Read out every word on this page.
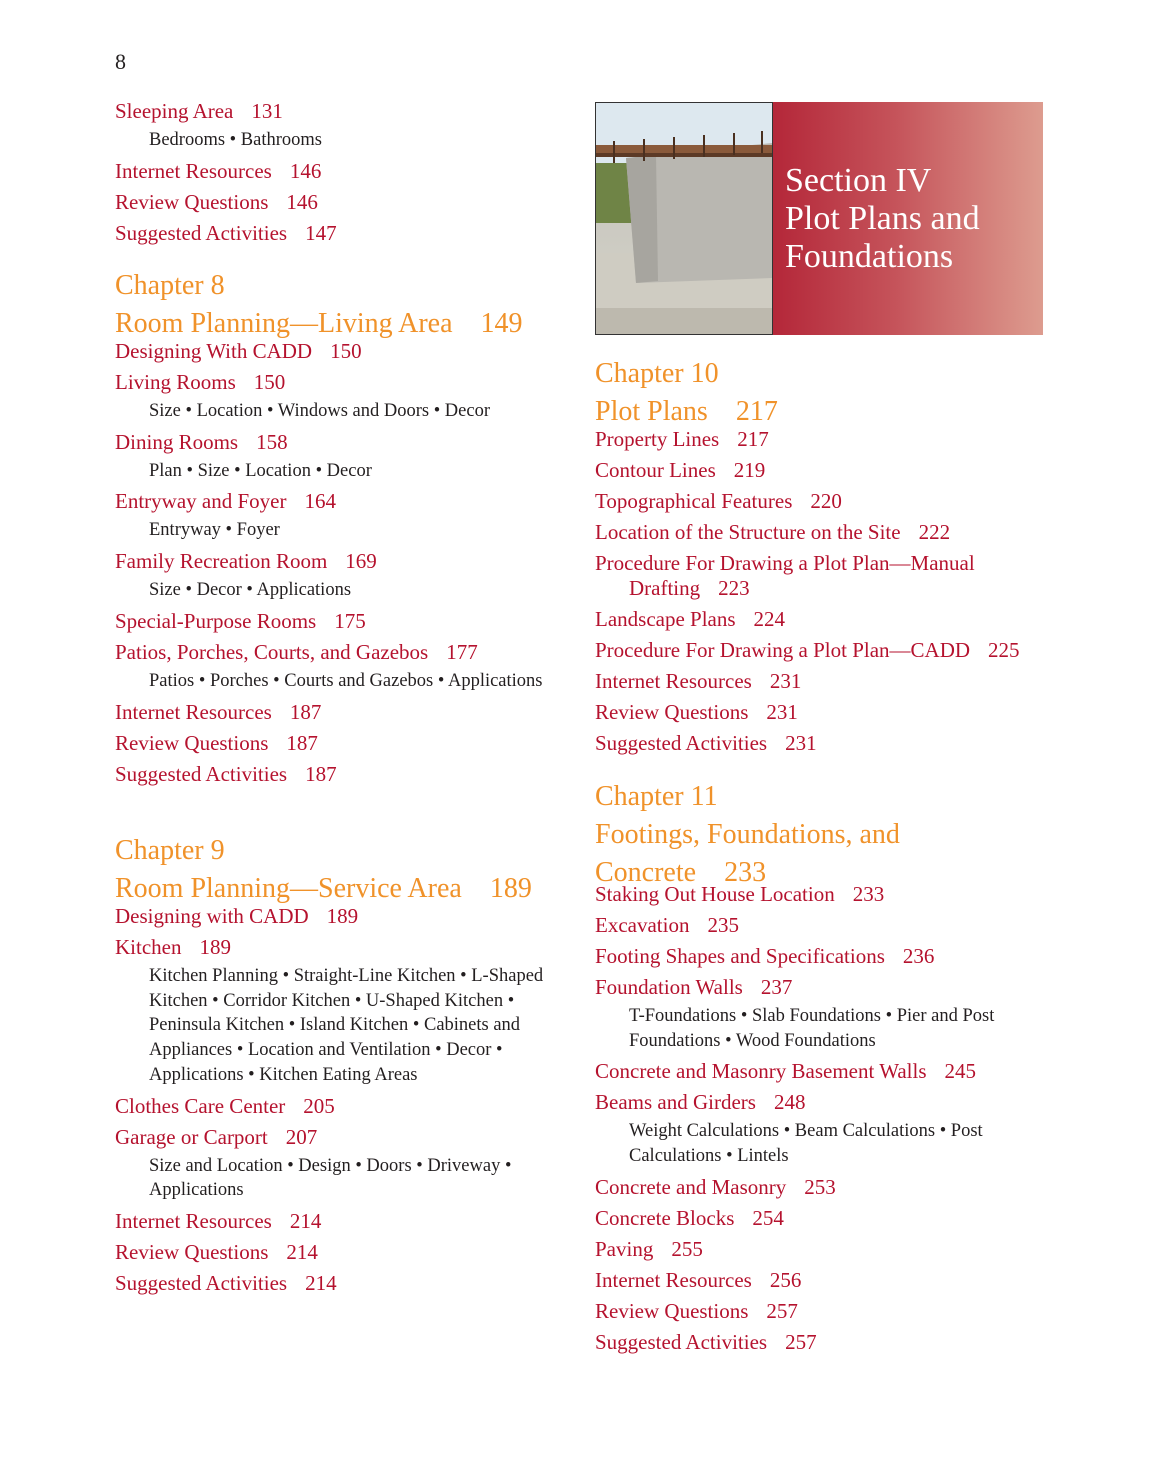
8
Sleeping Area 131
Bedrooms • Bathrooms
Internet Resources 146
Review Questions 146
Suggested Activities 147
Chapter 8
Room Planning—Living Area 149
Designing With CADD 150
Living Rooms 150
Size • Location • Windows and Doors • Decor
Dining Rooms 158
Plan • Size • Location • Decor
Entryway and Foyer 164
Entryway • Foyer
Family Recreation Room 169
Size • Decor • Applications
Special-Purpose Rooms 175
Patios, Porches, Courts, and Gazebos 177
Patios • Porches • Courts and Gazebos • Applications
Internet Resources 187
Review Questions 187
Suggested Activities 187
Chapter 9
Room Planning—Service Area 189
Designing with CADD 189
Kitchen 189
Kitchen Planning • Straight-Line Kitchen • L-Shaped Kitchen • Corridor Kitchen • U-Shaped Kitchen • Peninsula Kitchen • Island Kitchen • Cabinets and Appliances • Location and Ventilation • Decor • Applications • Kitchen Eating Areas
Clothes Care Center 205
Garage or Carport 207
Size and Location • Design • Doors • Driveway • Applications
Internet Resources 214
Review Questions 214
Suggested Activities 214
Section IV
Plot Plans and
Foundations
Chapter 10
Plot Plans 217
Property Lines 217
Contour Lines 219
Topographical Features 220
Location of the Structure on the Site 222
Procedure For Drawing a Plot Plan—Manual Drafting 223
Landscape Plans 224
Procedure For Drawing a Plot Plan—CADD 225
Internet Resources 231
Review Questions 231
Suggested Activities 231
Chapter 11
Footings, Foundations, and
Concrete 233
Staking Out House Location 233
Excavation 235
Footing Shapes and Specifications 236
Foundation Walls 237
T-Foundations • Slab Foundations • Pier and Post Foundations • Wood Foundations
Concrete and Masonry Basement Walls 245
Beams and Girders 248
Weight Calculations • Beam Calculations • Post Calculations • Lintels
Concrete and Masonry 253
Concrete Blocks 254
Paving 255
Internet Resources 256
Review Questions 257
Suggested Activities 257
